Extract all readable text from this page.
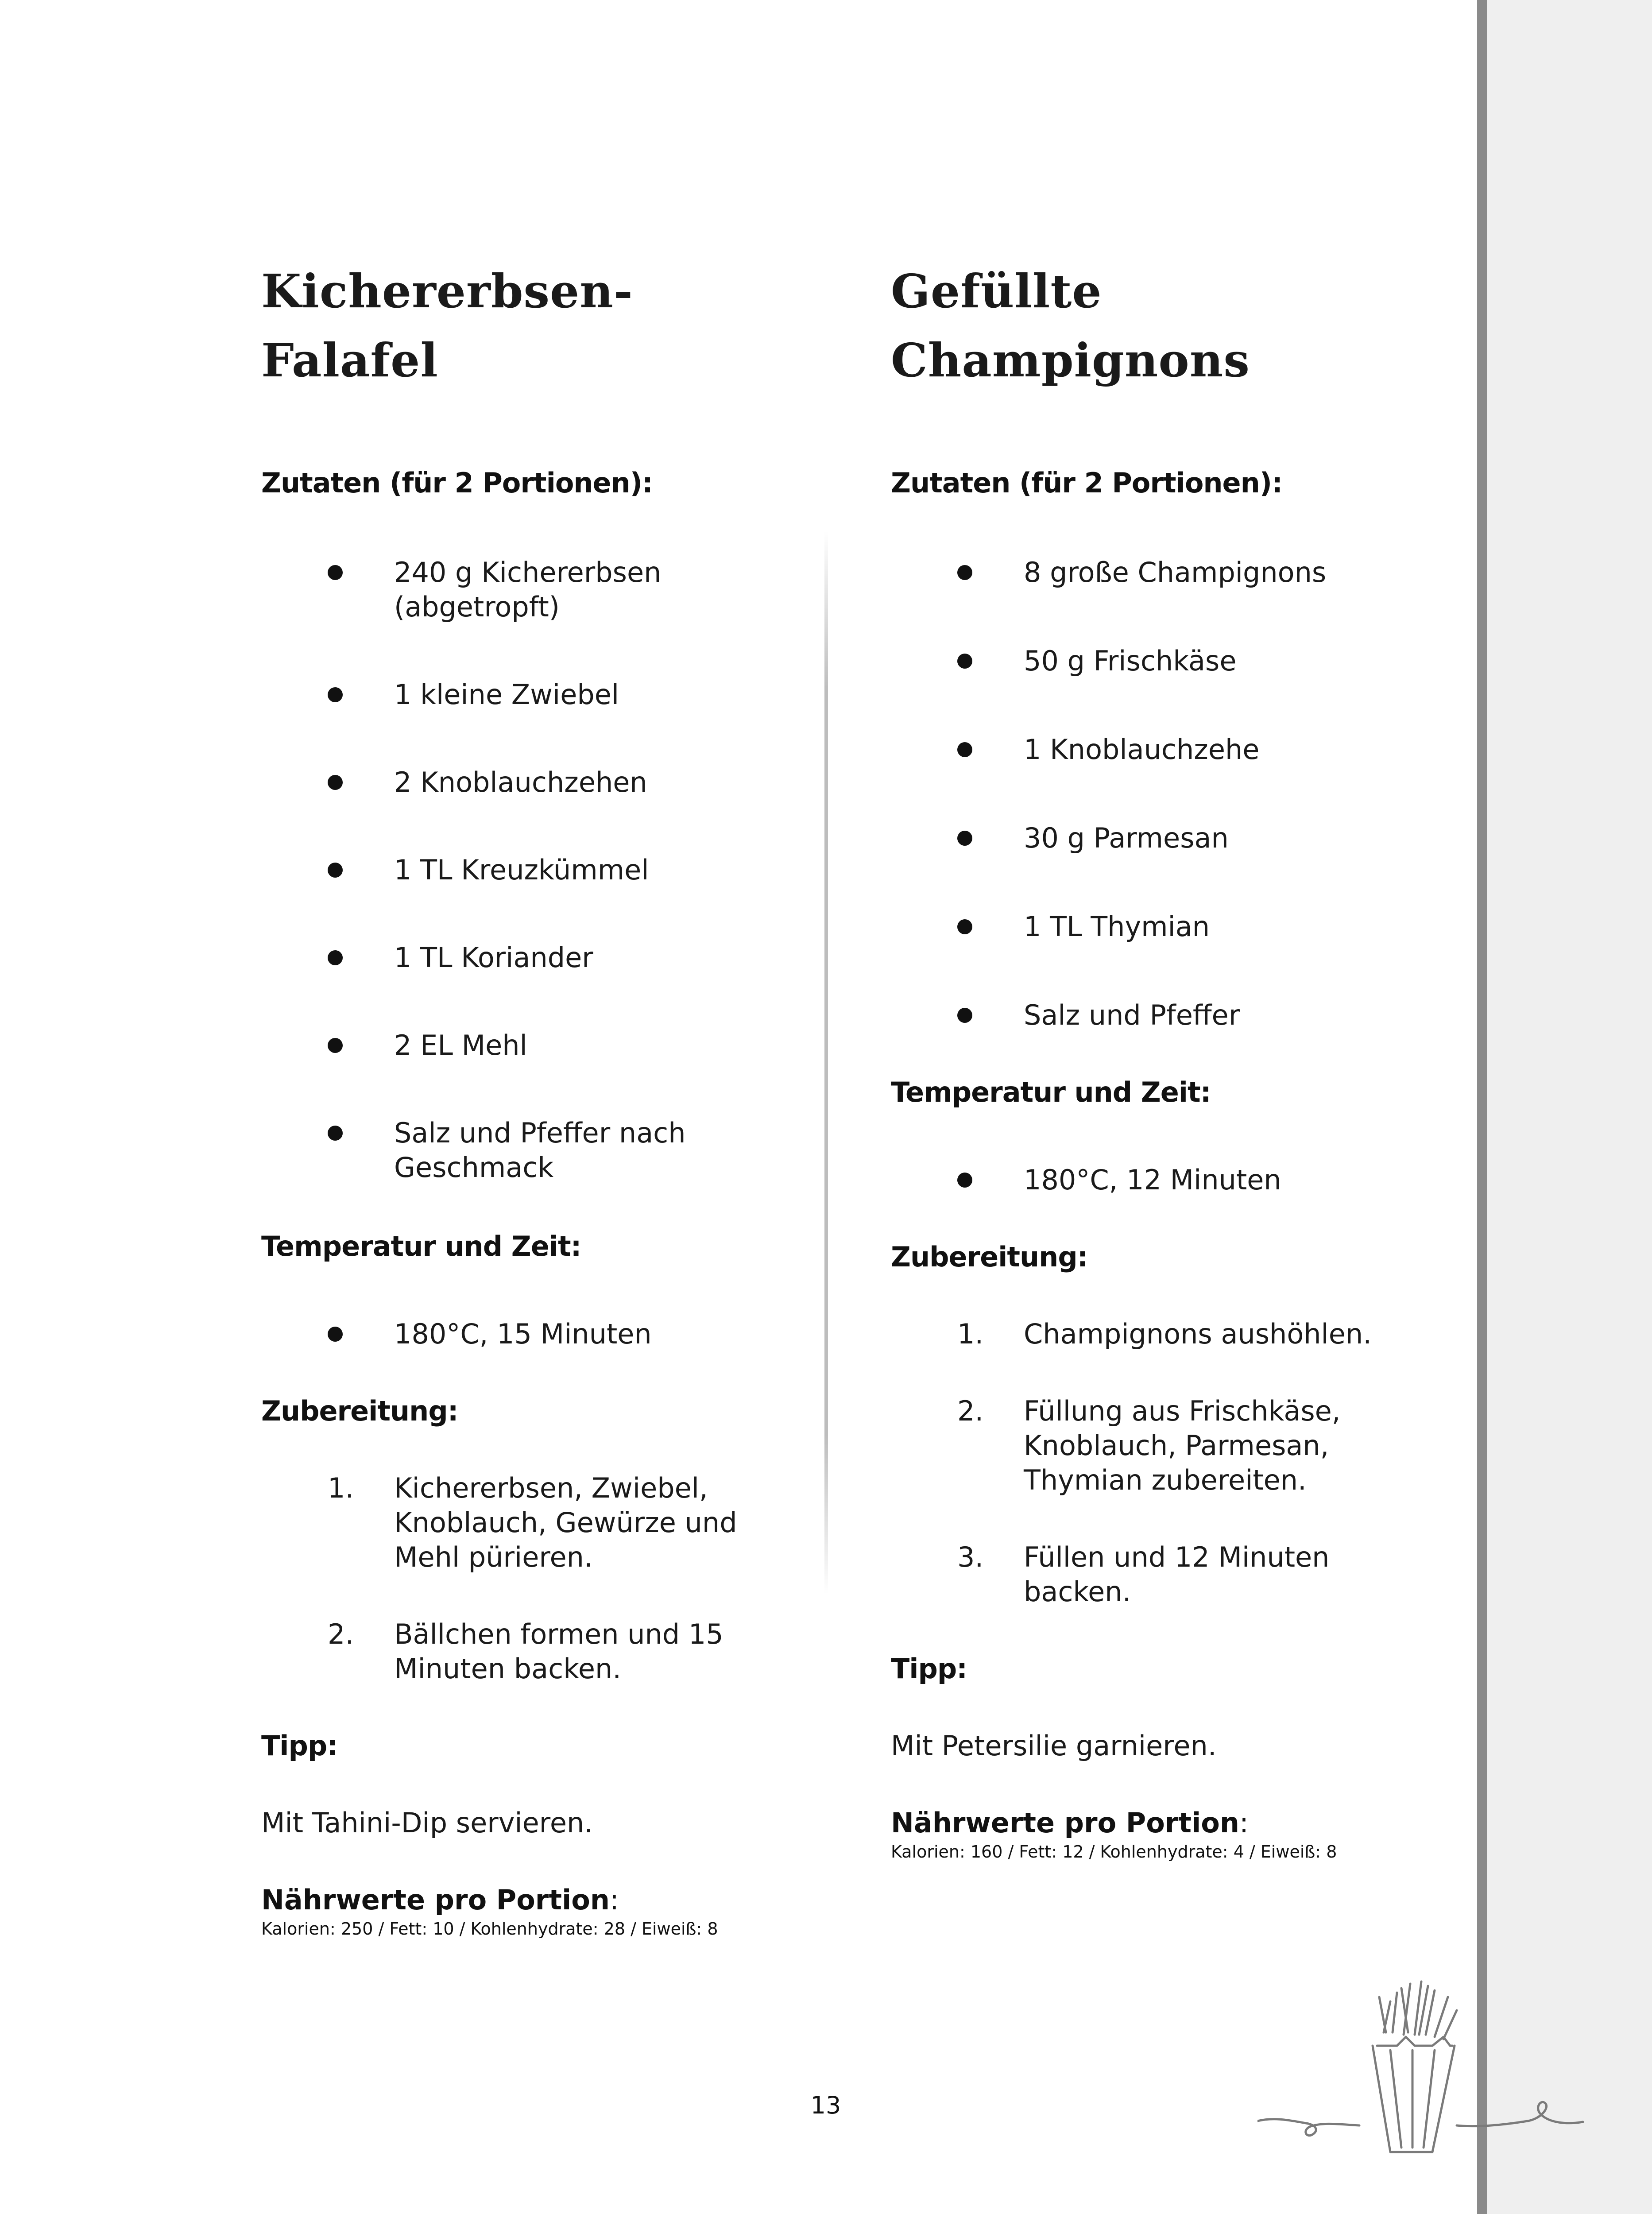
Kichererbsen-
Falafel

Zutaten (für 2 Portionen):

240 g Kichererbsen
(abgetropft)
1 kleine Zwiebel
2 Knoblauchzehen
1 TL Kreuzkümmel
1 TL Koriander
2 EL Mehl
Salz und Pfeffer nach
Geschmack

Temperatur und Zeit:

180°C, 15 Minuten

Zubereitung:

1. Kichererbsen, Zwiebel,
Knoblauch, Gewürze und
Mehl pürieren.
2. Bällchen formen und 15
Minuten backen.

Tipp:

Mit Tahini-Dip servieren.

Nährwerte pro Portion:

Kalorien: 250 / Fett: 10 / Kohlenhydrate: 28 / Eiweiß: 8

Gefüllte
Champignons

Zutaten (für 2 Portionen):

8 große Champignons
50 g Frischkäse
1 Knoblauchzehe
30 g Parmesan
1 TL Thymian
Salz und Pfeffer

Temperatur und Zeit:

180°C, 12 Minuten

Zubereitung:

1. Champignons aushöhlen.
2. Füllung aus Frischkäse,
Knoblauch, Parmesan,
Thymian zubereiten.
3. Füllen und 12 Minuten
backen.

Tipp:

Mit Petersilie garnieren.

Nährwerte pro Portion:

Kalorien: 160 / Fett: 12 / Kohlenhydrate: 4 / Eiweiß: 8

13
